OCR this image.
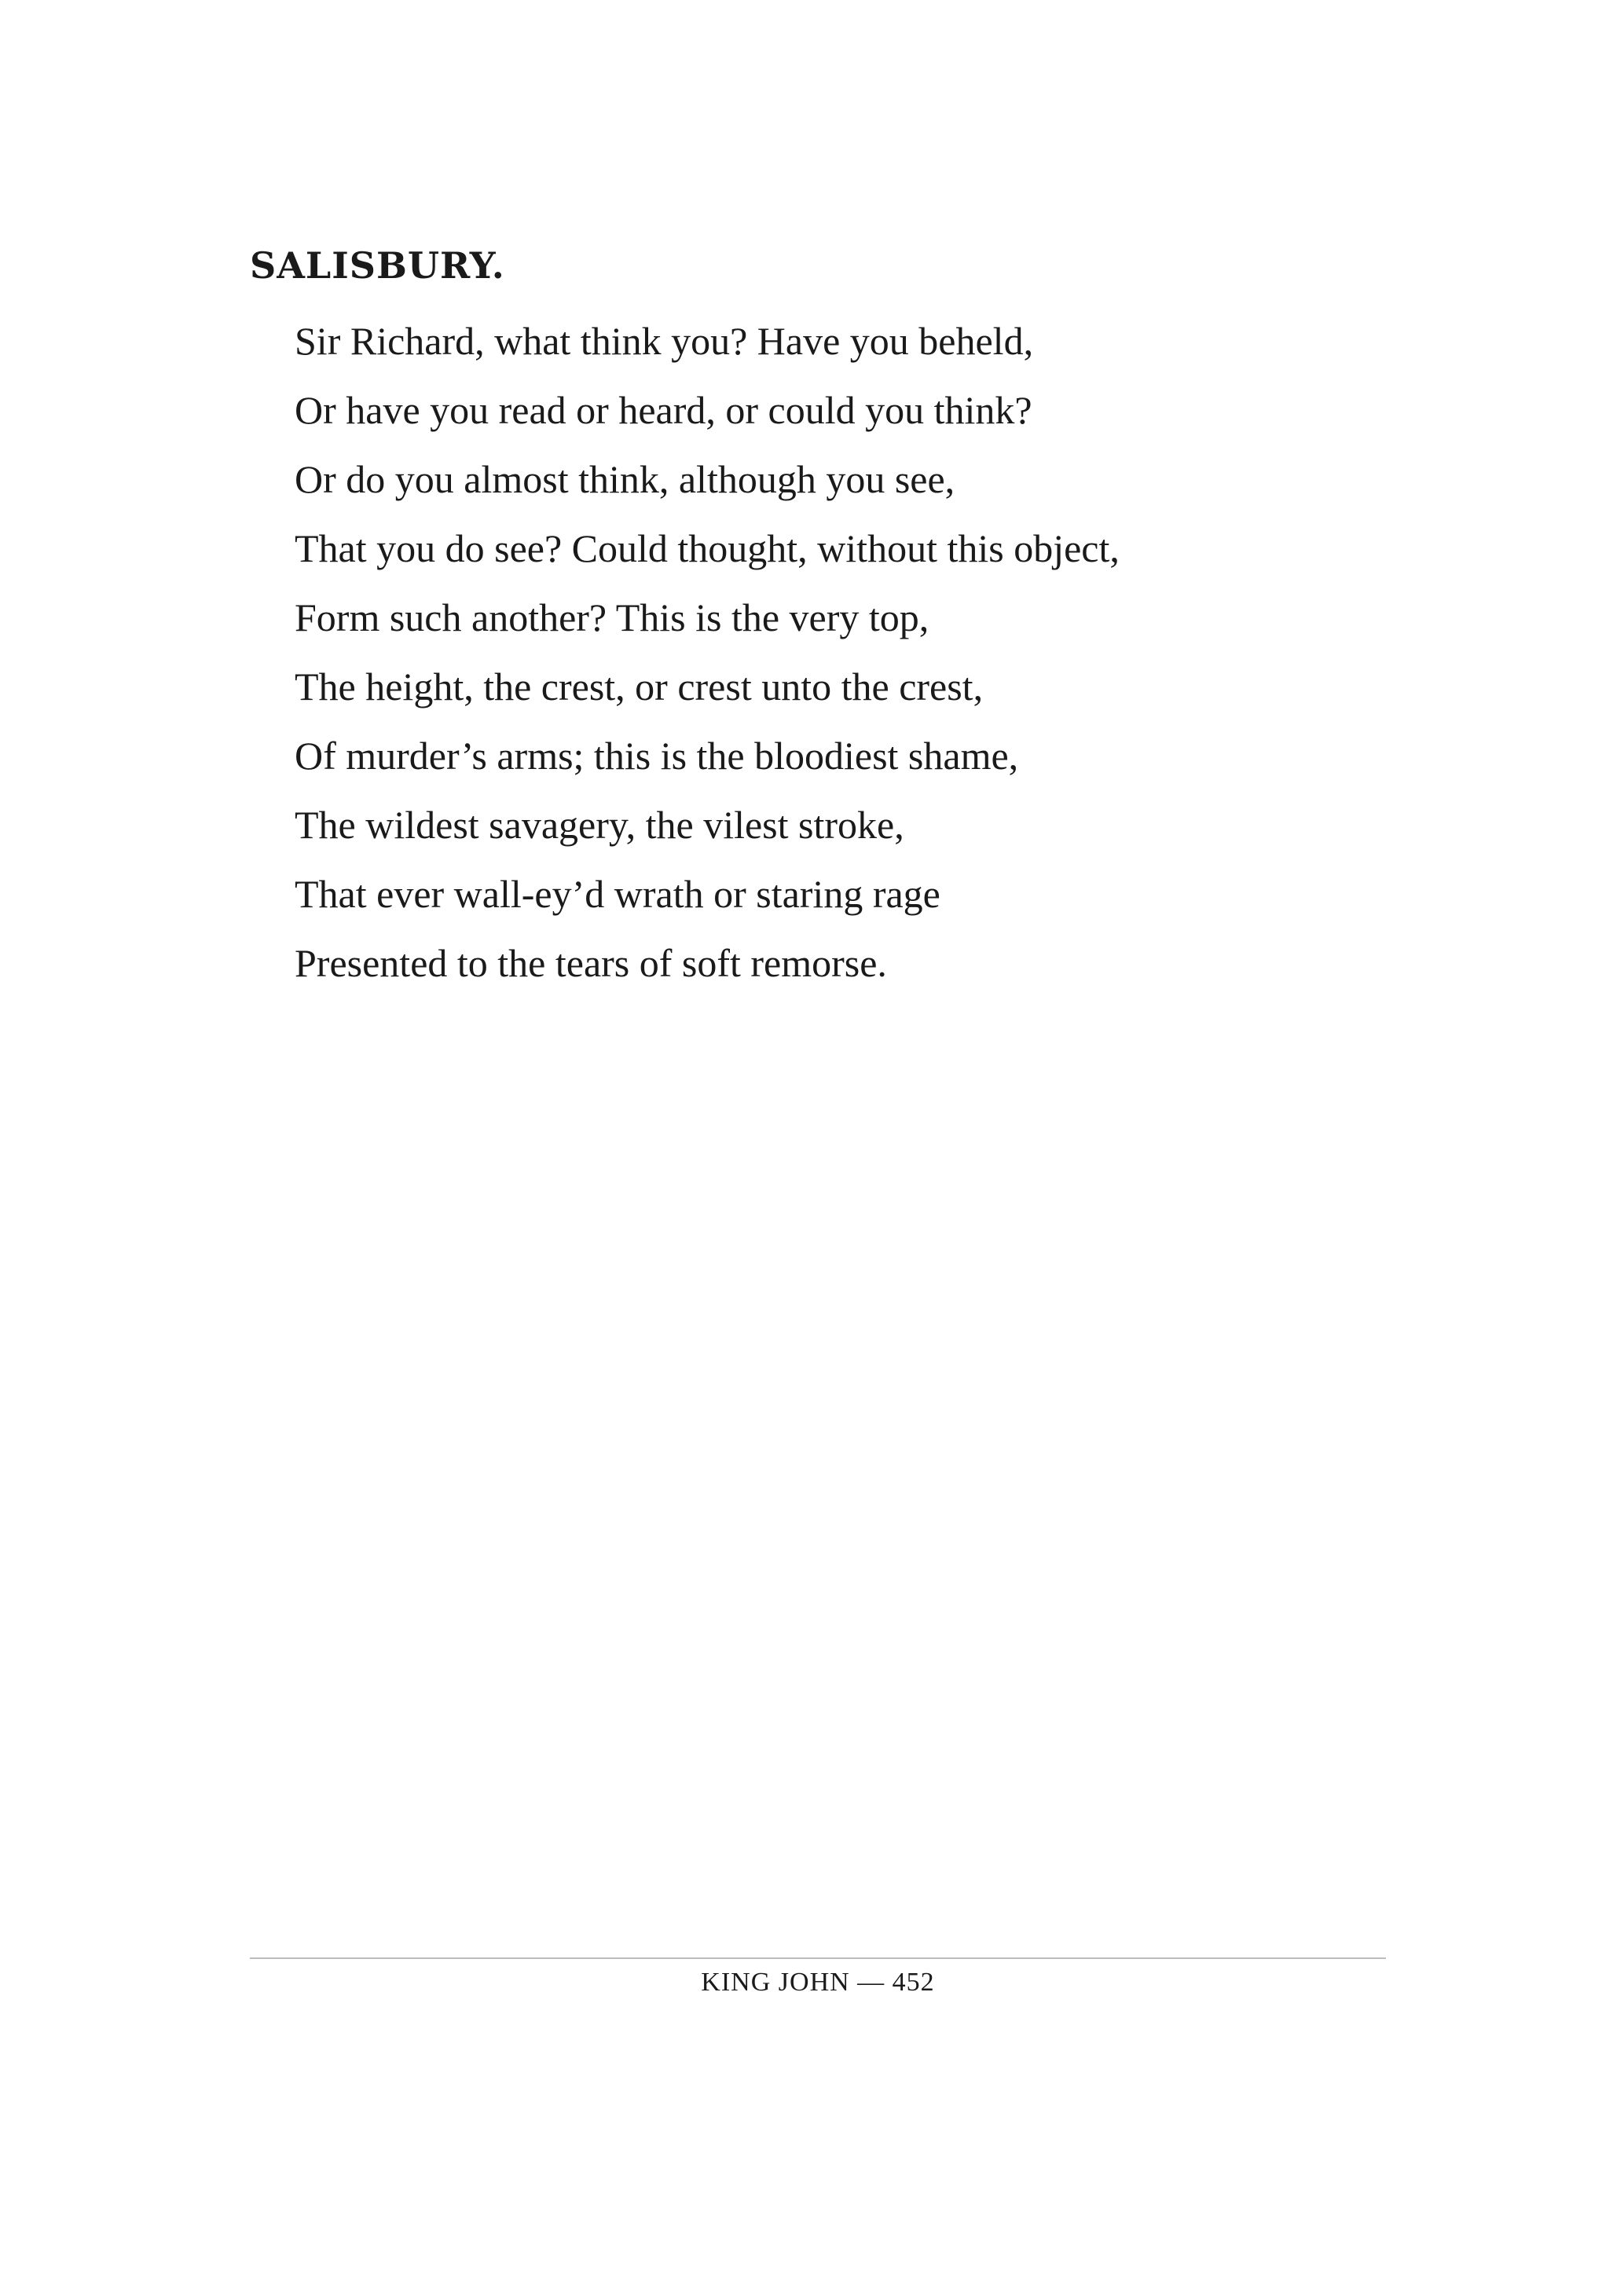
SALISBURY.
Sir Richard, what think you? Have you beheld,
Or have you read or heard, or could you think?
Or do you almost think, although you see,
That you do see? Could thought, without this object,
Form such another? This is the very top,
The height, the crest, or crest unto the crest,
Of murder’s arms; this is the bloodiest shame,
The wildest savagery, the vilest stroke,
That ever wall-ey’d wrath or staring rage
Presented to the tears of soft remorse.
KING JOHN — 452
